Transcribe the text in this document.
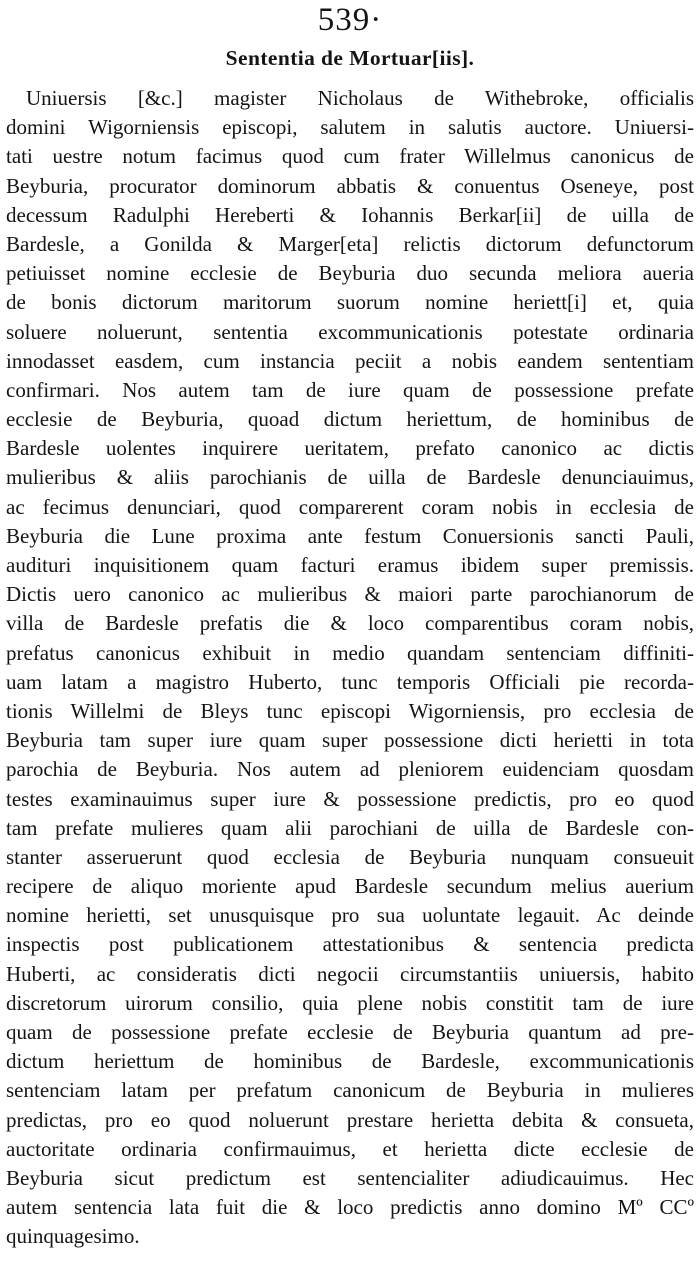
539·
Sententia de Mortuar[iis].
Uniuersis [&c.] magister Nicholaus de Withebroke, officialis
domini Wigorniensis episcopi, salutem in salutis auctore. Uniuersi-
tati uestre notum facimus quod cum frater Willelmus canonicus de
Beyburia, procurator dominorum abbatis & conuentus Oseneye, post
decessum Radulphi Hereberti & Iohannis Berkar[ii] de uilla de
Bardesle, a Gonilda & Marger[eta] relictis dictorum defunctorum
petiuisset nomine ecclesie de Beyburia duo secunda meliora aueria
de bonis dictorum maritorum suorum nomine heriett[i] et, quia
soluere noluerunt, sententia excommunicationis potestate ordinaria
innodasset easdem, cum instancia peciit a nobis eandem sententiam
confirmari. Nos autem tam de iure quam de possessione prefate
ecclesie de Beyburia, quoad dictum heriettum, de hominibus de
Bardesle uolentes inquirere ueritatem, prefato canonico ac dictis
mulieribus & aliis parochianis de uilla de Bardesle denunciauimus,
ac fecimus denunciari, quod comparerent coram nobis in ecclesia de
Beyburia die Lune proxima ante festum Conuersionis sancti Pauli,
audituri inquisitionem quam facturi eramus ibidem super premissis.
Dictis uero canonico ac mulieribus & maiori parte parochianorum de
villa de Bardesle prefatis die & loco comparentibus coram nobis,
prefatus canonicus exhibuit in medio quandam sentenciam diffiniti-
uam latam a magistro Huberto, tunc temporis Officiali pie recorda-
tionis Willelmi de Bleys tunc episcopi Wigorniensis, pro ecclesia de
Beyburia tam super iure quam super possessione dicti herietti in tota
parochia de Beyburia. Nos autem ad pleniorem euidenciam quosdam
testes examinauimus super iure & possessione predictis, pro eo quod
tam prefate mulieres quam alii parochiani de uilla de Bardesle con-
stanter asseruerunt quod ecclesia de Beyburia nunquam consueuit
recipere de aliquo moriente apud Bardesle secundum melius auerium
nomine herietti, set unusquisque pro sua uoluntate legauit. Ac deinde
inspectis post publicationem attestationibus & sentencia predicta
Huberti, ac consideratis dicti negocii circumstantiis uniuersis, habito
discretorum uirorum consilio, quia plene nobis constitit tam de iure
quam de possessione prefate ecclesie de Beyburia quantum ad pre-
dictum heriettum de hominibus de Bardesle, excommunicationis
sentenciam latam per prefatum canonicum de Beyburia in mulieres
predictas, pro eo quod noluerunt prestare herietta debita & consueta,
auctoritate ordinaria confirmauimus, et herietta dicte ecclesie de
Beyburia sicut predictum est sentencialiter adiudicauimus. Hec
autem sentencia lata fuit die & loco predictis anno domino Mº CCº
quinquagesimo.
